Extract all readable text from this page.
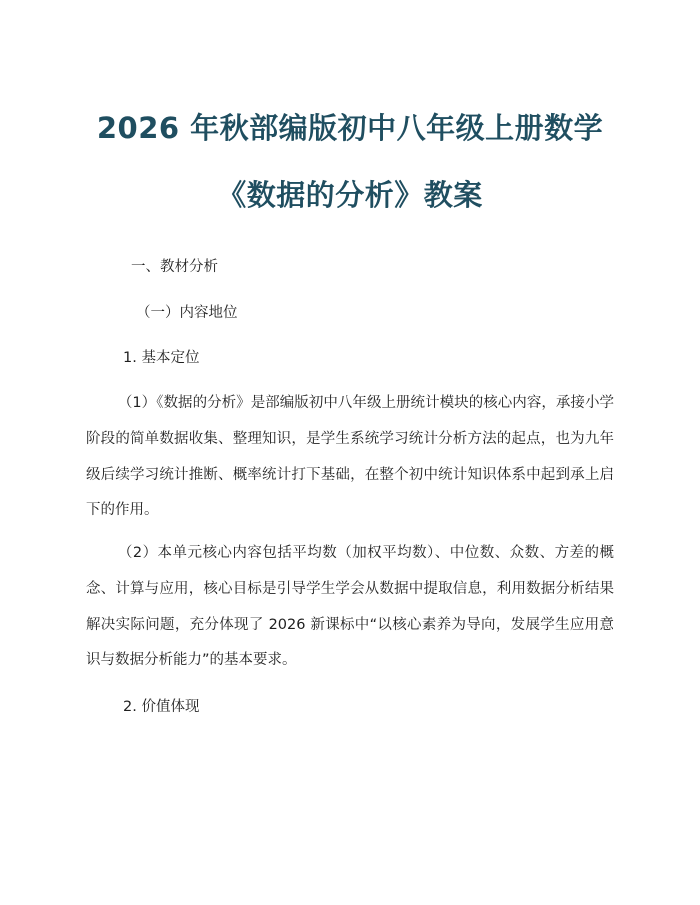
2026 年秋部编版初中八年级上册数学
《数据的分析》教案
一、教材分析
（一）内容地位
1. 基本定位
（1）《数据的分析》是部编版初中八年级上册统计模块的核心内容，承接小学阶段的简单数据收集、整理知识，是学生系统学习统计分析方法的起点，也为九年级后续学习统计推断、概率统计打下基础，在整个初中统计知识体系中起到承上启下的作用。
（2）本单元核心内容包括平均数（加权平均数）、中位数、众数、方差的概念、计算与应用，核心目标是引导学生学会从数据中提取信息，利用数据分析结果解决实际问题，充分体现了 2026 新课标中“以核心素养为导向，发展学生应用意识与数据分析能力”的基本要求。
2. 价值体现
